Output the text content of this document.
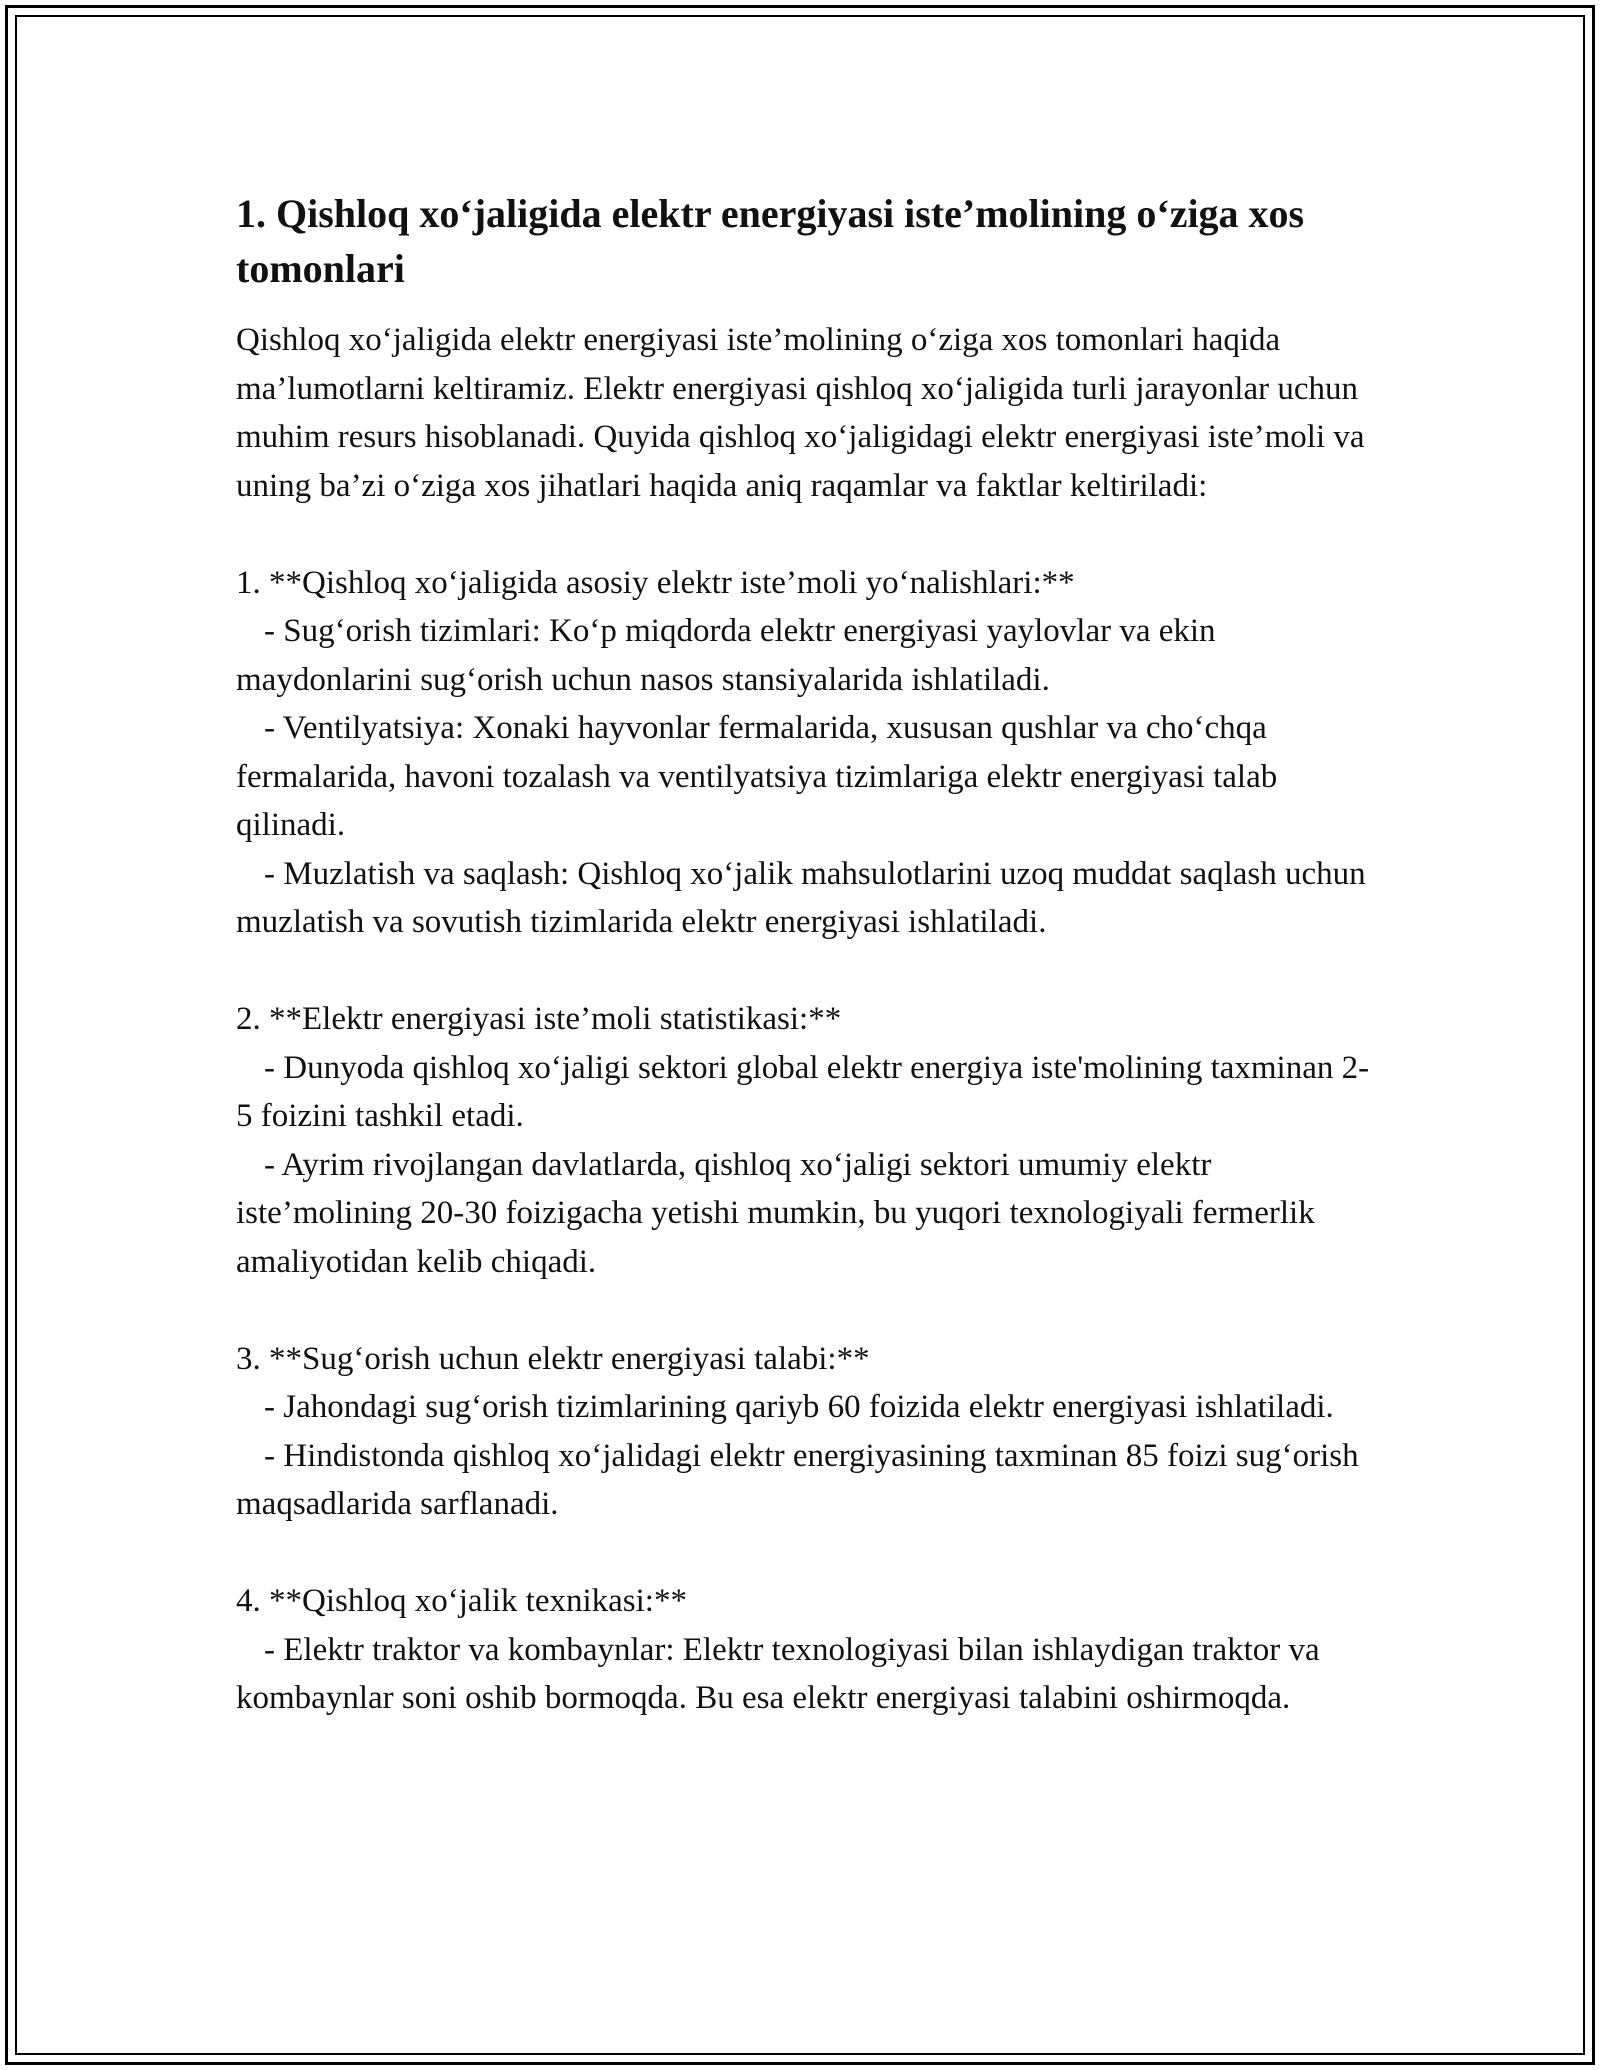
1. Qishloq xo‘jaligida elektr energiyasi iste’molining o‘ziga xos tomonlari

Qishloq xo‘jaligida elektr energiyasi iste’molining o‘ziga xos tomonlari haqida ma’lumotlarni keltiramiz. Elektr energiyasi qishloq xo‘jaligida turli jarayonlar uchun muhim resurs hisoblanadi. Quyida qishloq xo‘jaligidagi elektr energiyasi iste’moli va uning ba’zi o‘ziga xos jihatlari haqida aniq raqamlar va faktlar keltiriladi:

1. **Qishloq xo‘jaligida asosiy elektr iste’moli yo‘nalishlari:**

- Sug‘orish tizimlari: Ko‘p miqdorda elektr energiyasi yaylovlar va ekin maydonlarini sug‘orish uchun nasos stansiyalarida ishlatiladi.

- Ventilyatsiya: Xonaki hayvonlar fermalarida, xususan qushlar va cho‘chqa fermalarida, havoni tozalash va ventilyatsiya tizimlariga elektr energiyasi talab qilinadi.

- Muzlatish va saqlash: Qishloq xo‘jalik mahsulotlarini uzoq muddat saqlash uchun muzlatish va sovutish tizimlarida elektr energiyasi ishlatiladi.

2. **Elektr energiyasi iste’moli statistikasi:**

- Dunyoda qishloq xo‘jaligi sektori global elektr energiya iste'molining taxminan 2-5 foizini tashkil etadi.

- Ayrim rivojlangan davlatlarda, qishloq xo‘jaligi sektori umumiy elektr iste’molining 20-30 foizigacha yetishi mumkin, bu yuqori texnologiyali fermerlik amaliyotidan kelib chiqadi.

3. **Sug‘orish uchun elektr energiyasi talabi:**

- Jahondagi sug‘orish tizimlarining qariyb 60 foizida elektr energiyasi ishlatiladi.

- Hindistonda qishloq xo‘jalidagi elektr energiyasining taxminan 85 foizi sug‘orish maqsadlarida sarflanadi.

4. **Qishloq xo‘jalik texnikasi:**

- Elektr traktor va kombaynlar: Elektr texnologiyasi bilan ishlaydigan traktor va kombaynlar soni oshib bormoqda. Bu esa elektr energiyasi talabini oshirmoqda.
